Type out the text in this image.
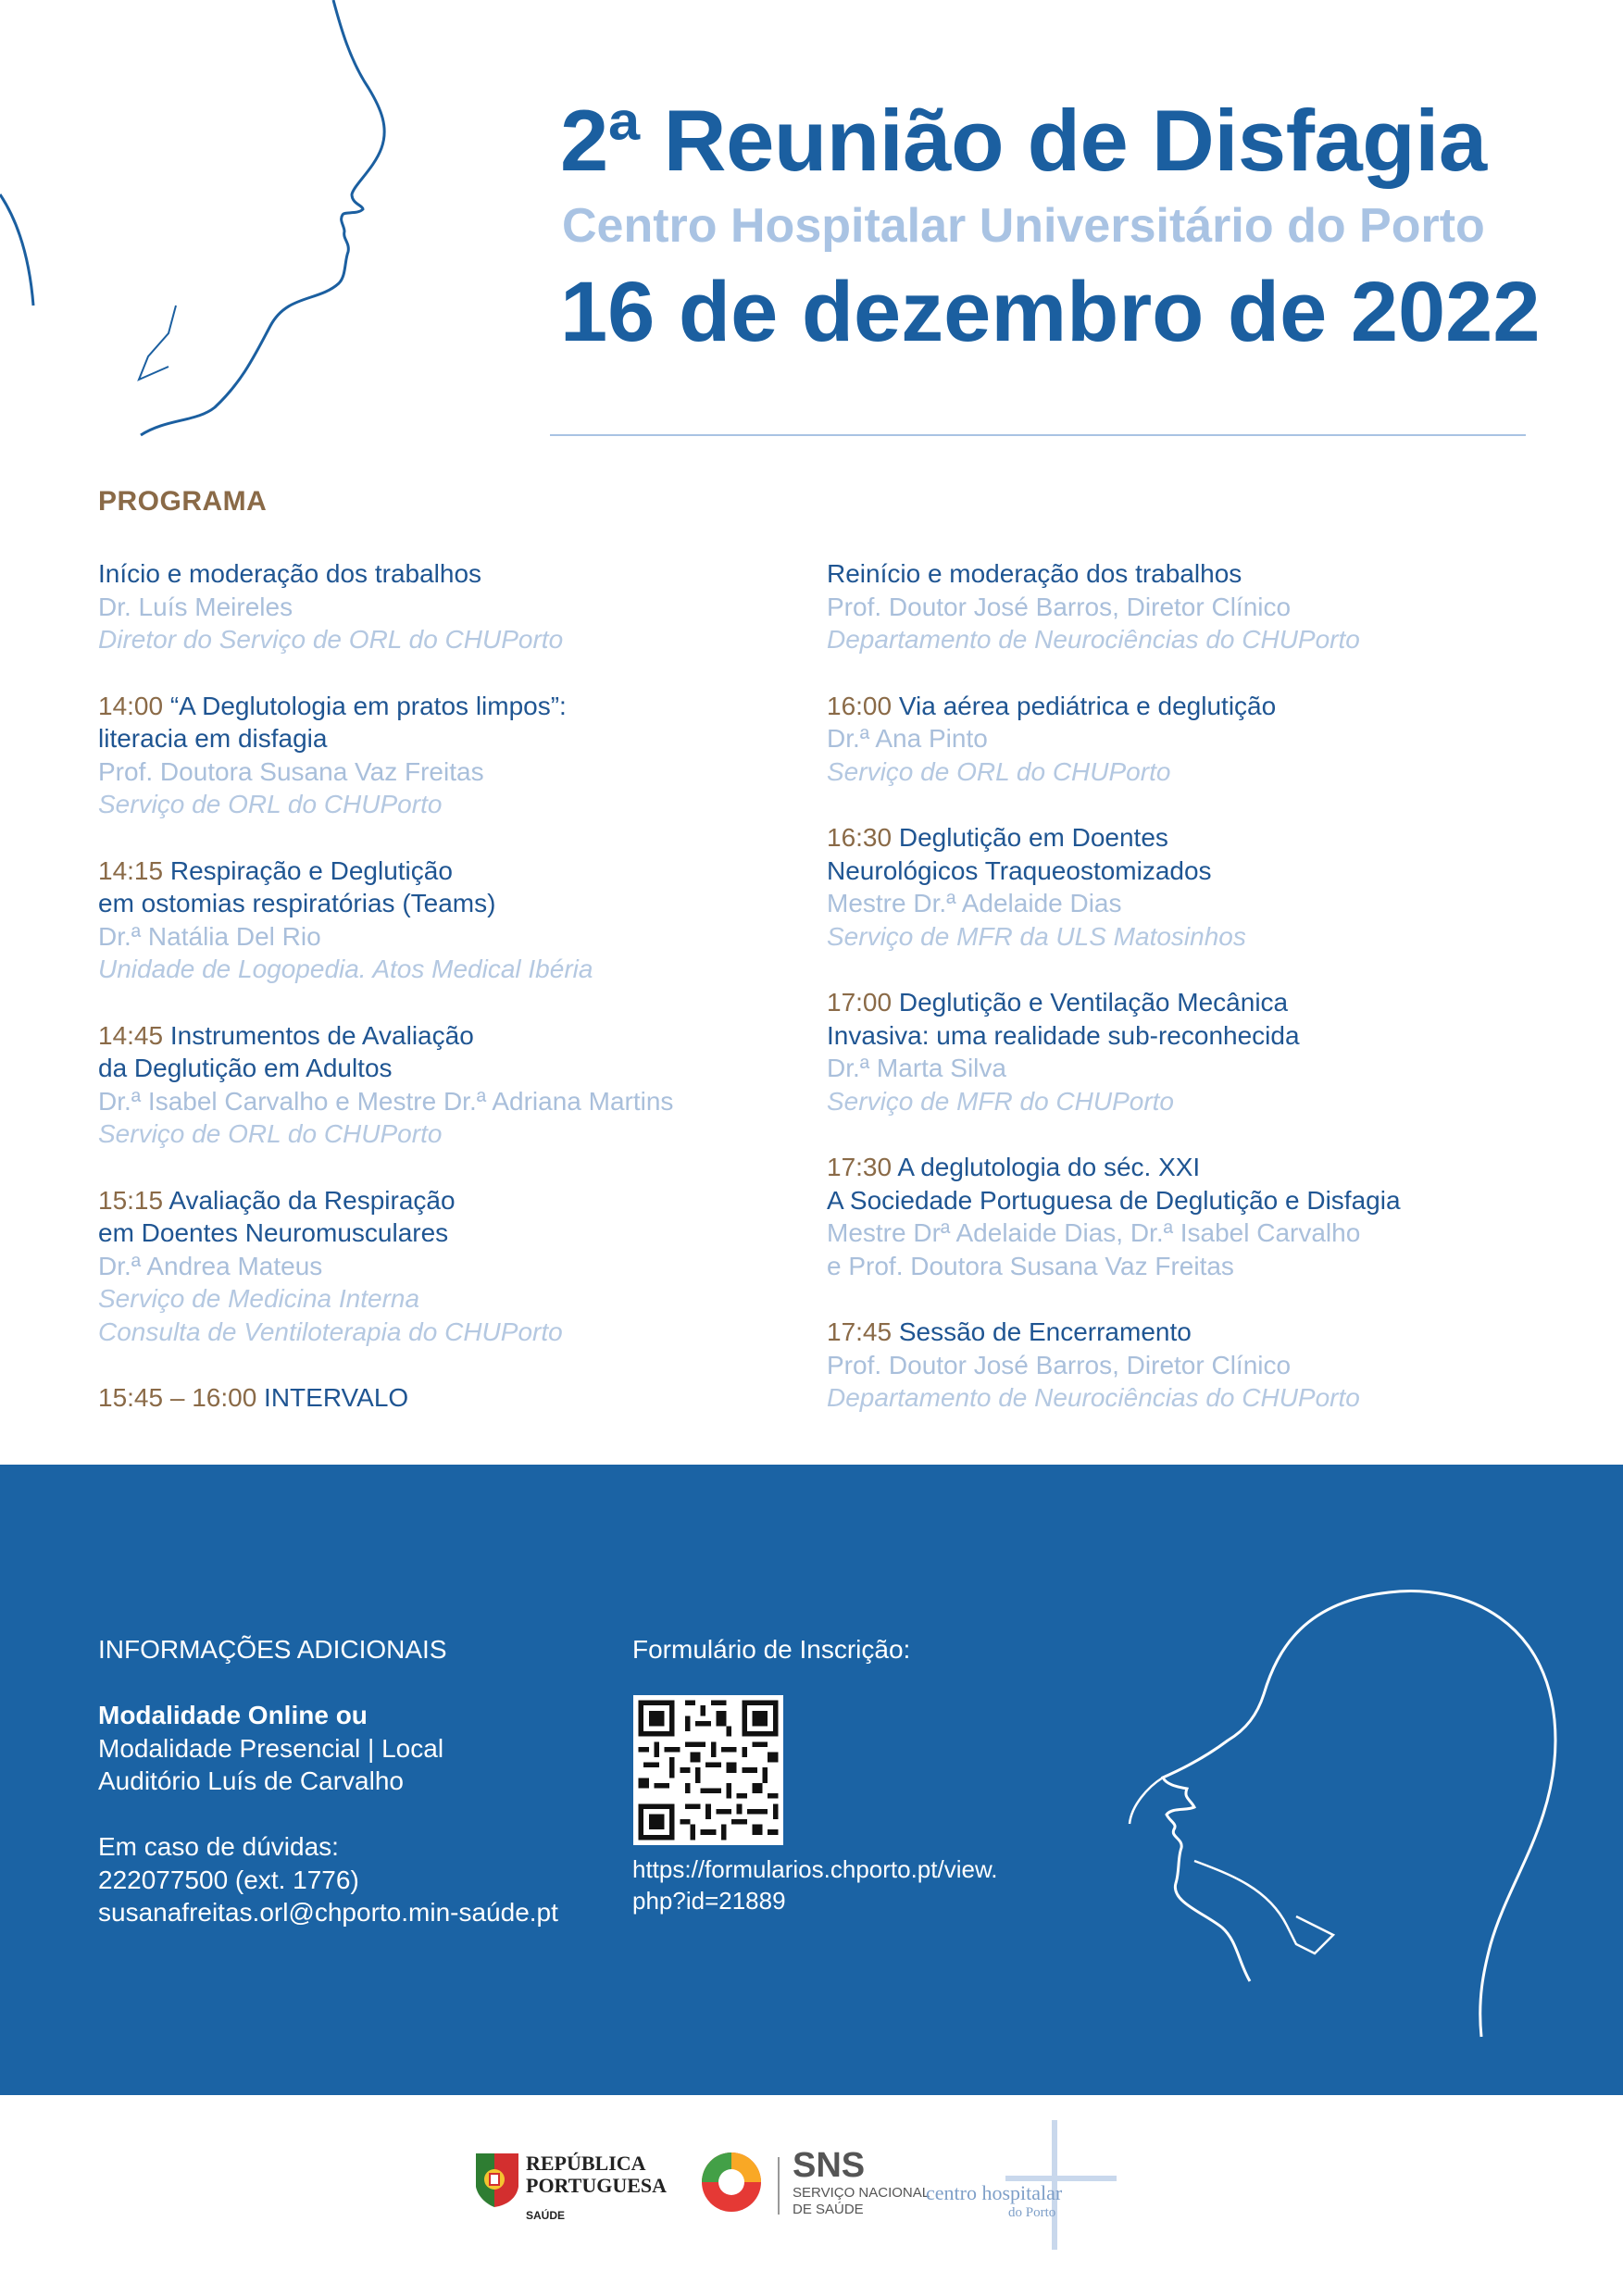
2ª Reunião de Disfagia
Centro Hospitalar Universitário do Porto
16 de dezembro de 2022
PROGRAMA
Início e moderação dos trabalhos
Dr. Luís Meireles
Diretor do Serviço de ORL do CHUPorto
14:00 “A Deglutologia em pratos limpos”:
literacia em disfagia
Prof. Doutora Susana Vaz Freitas
Serviço de ORL do CHUPorto
14:15 Respiração e Deglutição
em ostomias respiratórias (Teams)
Dr.ª Natália Del Rio
Unidade de Logopedia. Atos Medical Ibéria
14:45 Instrumentos de Avaliação
da Deglutição em Adultos
Dr.ª Isabel Carvalho e Mestre Dr.ª Adriana Martins
Serviço de ORL do CHUPorto
15:15 Avaliação da Respiração
em Doentes Neuromusculares
Dr.ª Andrea Mateus
Serviço de Medicina Interna
Consulta de Ventiloterapia do CHUPorto
15:45 – 16:00 INTERVALO
Reinício e moderação dos trabalhos
Prof. Doutor José Barros, Diretor Clínico
Departamento de Neurociências do CHUPorto
16:00 Via aérea pediátrica e deglutição
Dr.ª Ana Pinto
Serviço de ORL do CHUPorto
16:30 Deglutição em Doentes
Neurológicos Traqueostomizados
Mestre Dr.ª Adelaide Dias
Serviço de MFR da ULS Matosinhos
17:00 Deglutição e Ventilação Mecânica
Invasiva: uma realidade sub-reconhecida
Dr.ª Marta Silva
Serviço de MFR do CHUPorto
17:30 A deglutologia do séc. XXI
A Sociedade Portuguesa de Deglutição e Disfagia
Mestre Drª Adelaide Dias, Dr.ª Isabel Carvalho
e Prof. Doutora Susana Vaz Freitas
17:45 Sessão de Encerramento
Prof. Doutor José Barros, Diretor Clínico
Departamento de Neurociências do CHUPorto
INFORMAÇÕES ADICIONAIS
Modalidade Online ou
Modalidade Presencial | Local
Auditório Luís de Carvalho
Em caso de dúvidas:
222077500 (ext. 1776)
susanafreitas.orl@chporto.min-saúde.pt
Formulário de Inscrição:
https://formularios.chporto.pt/view.
php?id=21889
REPÚBLICA
PORTUGUESA
SAÚDE
SNS
SERVIÇO NACIONAL
DE SAÚDE
centro hospitalar
do Porto
